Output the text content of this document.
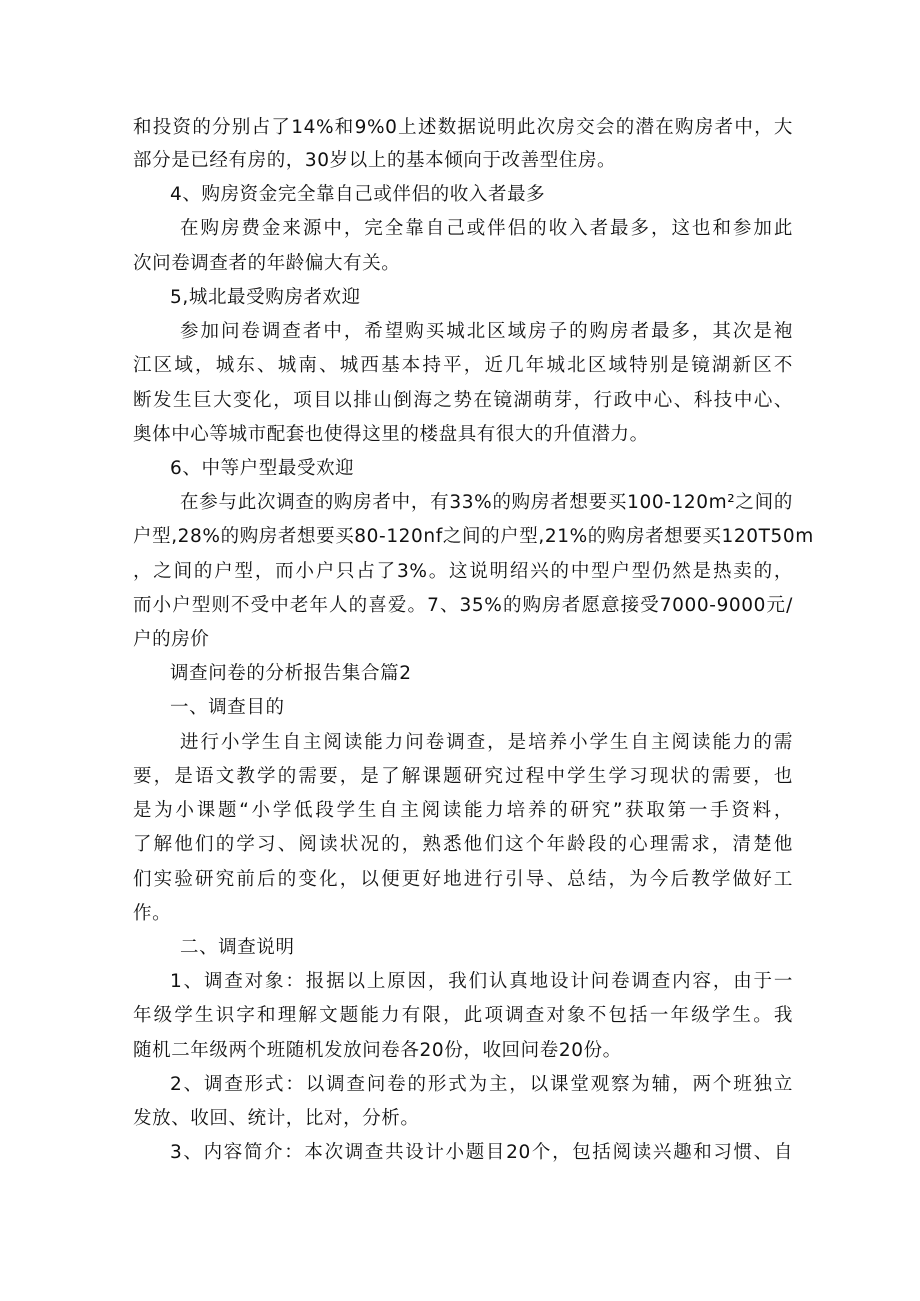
和投资的分别占了14%和9%0上述数据说明此次房交会的潜在购房者中，大
部分是已经有房的，30岁以上的基本倾向于改善型住房。
4、购房资金完全靠自己或伴侣的收入者最多
在购房费金来源中，完全靠自己或伴侣的收入者最多，这也和参加此
次问卷调查者的年龄偏大有关。
5,城北最受购房者欢迎
参加问卷调查者中，希望购买城北区域房子的购房者最多，其次是袍
江区域，城东、城南、城西基本持平，近几年城北区域特别是镜湖新区不
断发生巨大变化，项目以排山倒海之势在镜湖萌芽，行政中心、科技中心、
奥体中心等城市配套也使得这里的楼盘具有很大的升值潜力。
6、中等户型最受欢迎
在参与此次调查的购房者中，有33%的购房者想要买100-120m²之间的
户型,28%的购房者想要买80-120nf之间的户型,21%的购房者想要买120T50m
，之间的户型，而小户只占了3%。这说明绍兴的中型户型仍然是热卖的，
而小户型则不受中老年人的喜爱。7、35%的购房者愿意接受7000-9000元/
户的房价
调查问卷的分析报告集合篇2
一、调查目的
进行小学生自主阅读能力问卷调查，是培养小学生自主阅读能力的需
要，是语文教学的需要，是了解课题研究过程中学生学习现状的需要，也
是为小课题“小学低段学生自主阅读能力培养的研究”获取第一手资料，
了解他们的学习、阅读状况的，熟悉他们这个年龄段的心理需求，清楚他
们实验研究前后的变化，以便更好地进行引导、总结，为今后教学做好工
作。
二、调查说明
1、调查对象：报据以上原因，我们认真地设计问卷调查内容，由于一
年级学生识字和理解文题能力有限，此项调查对象不包括一年级学生。我
随机二年级两个班随机发放问卷各20份，收回问卷20份。
2、调查形式：以调查问卷的形式为主，以课堂观察为辅，两个班独立
发放、收回、统计，比对，分析。
3、内容简介：本次调查共设计小题目20个，包括阅读兴趣和习惯、自
